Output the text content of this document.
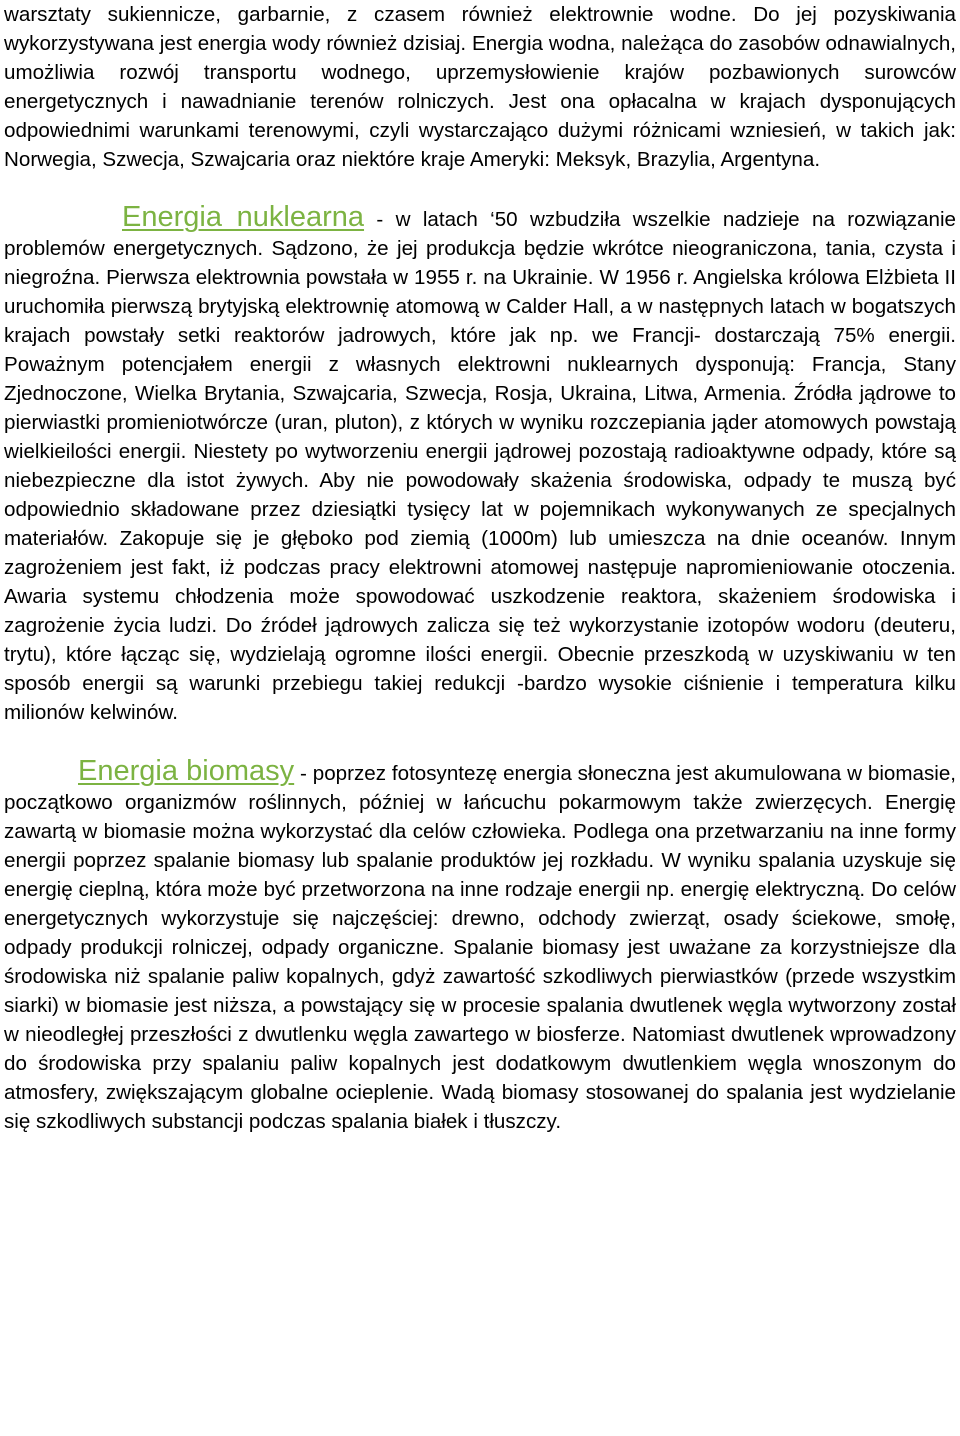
warsztaty sukiennicze, garbarnie, z czasem również elektrownie wodne. Do jej pozyskiwania wykorzystywana jest energia wody również dzisiaj. Energia wodna, należąca do zasobów odnawialnych, umożliwia rozwój transportu wodnego, uprzemysłowienie krajów pozbawionych surowców energetycznych i nawadnianie terenów rolniczych. Jest ona opłacalna w krajach dysponujących odpowiednimi warunkami terenowymi, czyli wystarczająco dużymi różnicami wzniesień, w takich jak: Norwegia, Szwecja, Szwajcaria oraz niektóre kraje Ameryki: Meksyk, Brazylia, Argentyna.

Energia nuklearna - w latach ‘50 wzbudziła wszelkie nadzieje na rozwiązanie problemów energetycznych. Sądzono, że jej produkcja będzie wkrótce nieograniczona, tania, czysta i niegroźna. Pierwsza elektrownia powstała w 1955 r. na Ukrainie. W 1956 r. Angielska królowa Elżbieta II uruchomiła pierwszą brytyjską elektrownię atomową w Calder Hall, a w następnych latach w bogatszych krajach powstały setki reaktorów jadrowych, które jak np. we Francji- dostarczają 75% energii. Poważnym potencjałem energii z własnych elektrowni nuklearnych dysponują: Francja, Stany Zjednoczone, Wielka Brytania, Szwajcaria, Szwecja, Rosja, Ukraina, Litwa, Armenia. Źródła jądrowe to pierwiastki promieniotwórcze (uran, pluton), z których w wyniku rozczepiania jąder atomowych powstają wielkieilości energii. Niestety po wytworzeniu energii jądrowej pozostają radioaktywne odpady, które są niebezpieczne dla istot żywych. Aby nie powodowały skażenia środowiska, odpady te muszą być odpowiednio składowane przez dziesiątki tysięcy lat w pojemnikach wykonywanych ze specjalnych materiałów. Zakopuje się je głęboko pod ziemią (1000m) lub umieszcza na dnie oceanów. Innym zagrożeniem jest fakt, iż podczas pracy elektrowni atomowej następuje napromieniowanie otoczenia. Awaria systemu chłodzenia może spowodować uszkodzenie reaktora, skażeniem środowiska i zagrożenie życia ludzi. Do źródeł jądrowych zalicza się też wykorzystanie izotopów wodoru (deuteru, trytu), które łącząc się, wydzielają ogromne ilości energii. Obecnie przeszkodą w uzyskiwaniu w ten sposób energii są warunki przebiegu takiej redukcji -bardzo wysokie ciśnienie i temperatura kilku milionów kelwinów.

Energia biomasy - poprzez fotosyntezę energia słoneczna jest akumulowana w biomasie, początkowo organizmów roślinnych, później w łańcuchu pokarmowym także zwierzęcych. Energię zawartą w biomasie można wykorzystać dla celów człowieka. Podlega ona przetwarzaniu na inne formy energii poprzez spalanie biomasy lub spalanie produktów jej rozkładu. W wyniku spalania uzyskuje się energię cieplną, która może być przetworzona na inne rodzaje energii np. energię elektryczną. Do celów energetycznych wykorzystuje się najczęściej: drewno, odchody zwierząt, osady ściekowe, smołę, odpady produkcji rolniczej, odpady organiczne. Spalanie biomasy jest uważane za korzystniejsze dla środowiska niż spalanie paliw kopalnych, gdyż zawartość szkodliwych pierwiastków (przede wszystkim siarki) w biomasie jest niższa, a powstający się w procesie spalania dwutlenek węgla wytworzony został w nieodległej przeszłości z dwutlenku węgla zawartego w biosferze. Natomiast dwutlenek wprowadzony do środowiska przy spalaniu paliw kopalnych jest dodatkowym dwutlenkiem węgla wnoszonym do atmosfery, zwiększającym globalne ocieplenie. Wadą biomasy stosowanej do spalania jest wydzielanie się szkodliwych substancji podczas spalania białek i tłuszczy.
